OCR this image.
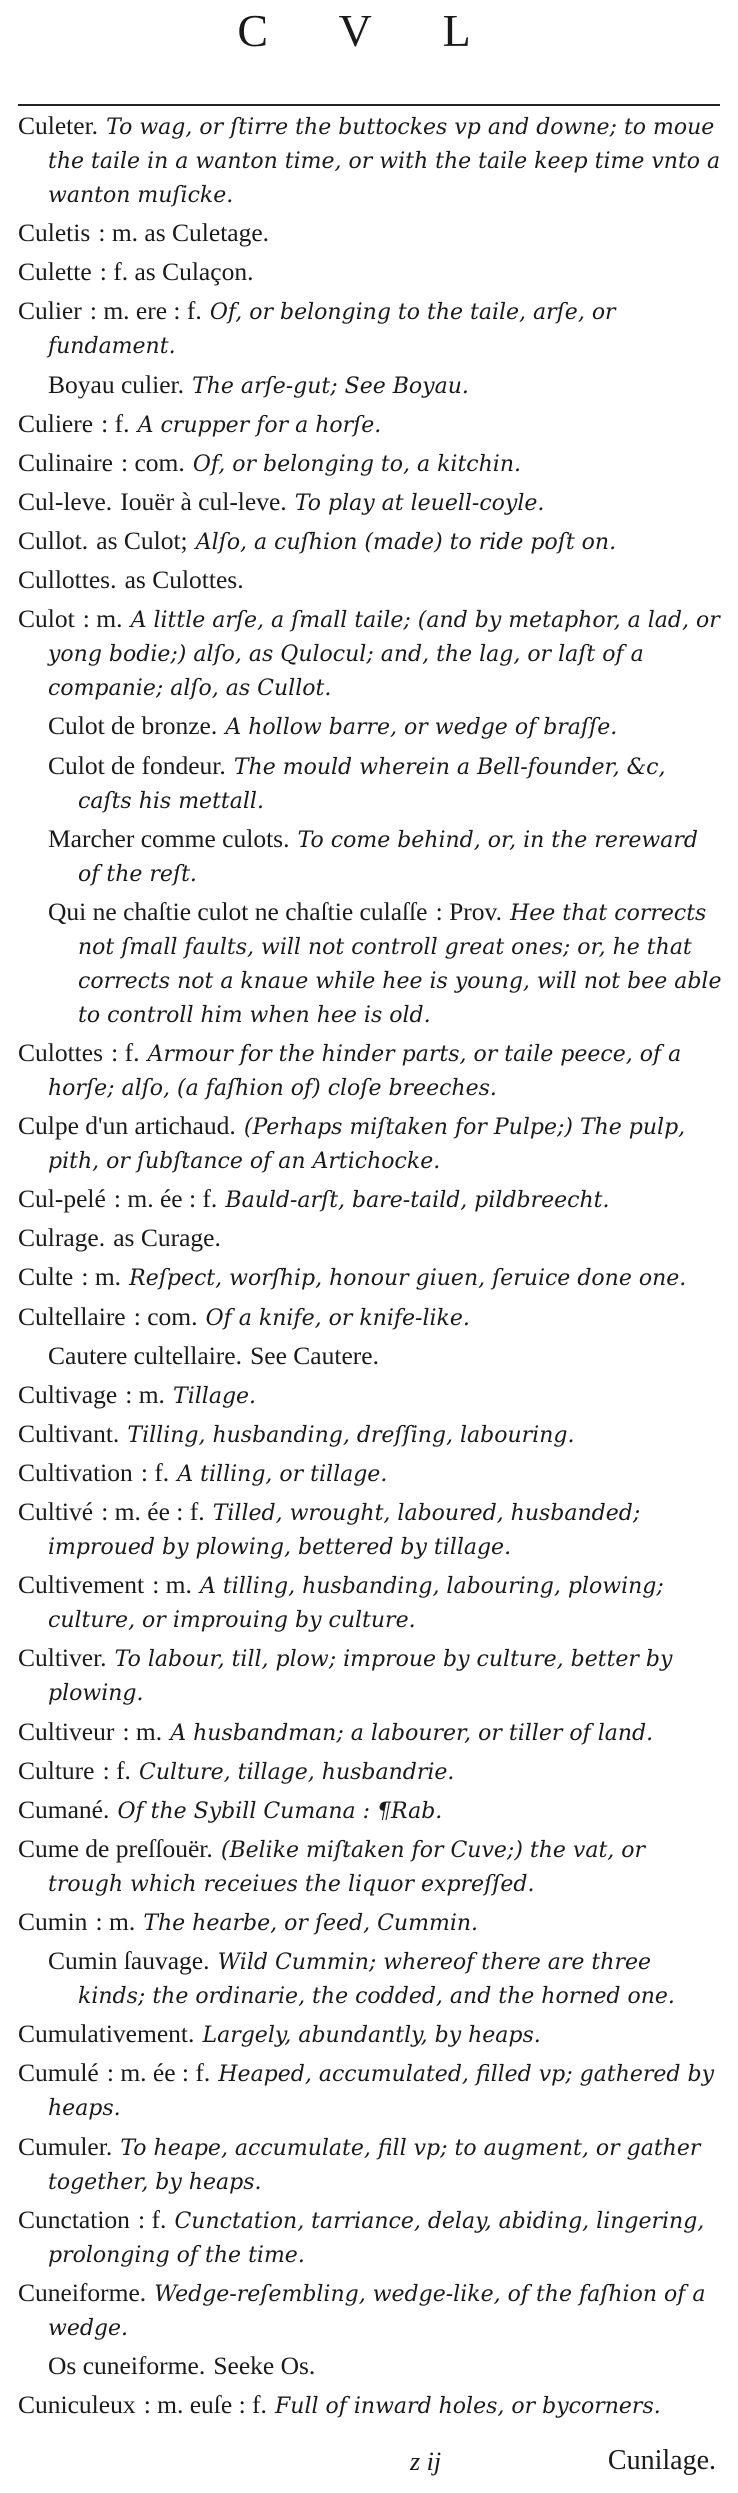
C V L
Culeter. To wag, or ſtirre the buttockes vp and downe; to moue the taile in a wanton time, or with the taile keep time vnto a wanton muſicke.
Culetis : m. as Culetage.
Culette : f. as Culaçon.
Culier : m. ere : f. Of, or belonging to the taile, arſe, or fundament.
Boyau culier. The arſe-gut; See Boyau.
Culiere : f. A crupper for a horſe.
Culinaire : com. Of, or belonging to, a kitchin.
Cul-leve. Iouër à cul-leve. To play at leuell-coyle.
Cullot. as Culot; Alſo, a cuſhion (made) to ride poſt on.
Cullottes. as Culottes.
Culot : m. A little arſe, a ſmall taile; (and by metaphor, a lad, or yong bodie;) alſo, as Qulocul; and, the lag, or laſt of a companie; alſo, as Cullot.
Culot de bronze. A hollow barre, or wedge of braſſe.
Culot de fondeur. The mould wherein a Bell-founder, &c, caſts his mettall.
Marcher comme culots. To come behind, or, in the rereward of the reſt.
Qui ne chaſtie culot ne chaſtie culaſſe : Prov. Hee that corrects not ſmall faults, will not controll great ones; or, he that corrects not a knaue while hee is young, will not bee able to controll him when hee is old.
Culottes : f. Armour for the hinder parts, or taile peece, of a horſe; alſo, (a faſhion of) cloſe breeches.
Culpe d'un artichaud. (Perhaps miſtaken for Pulpe;) The pulp, pith, or ſubſtance of an Artichocke.
Cul-pelé : m. ée : f. Bauld-arſt, bare-taild, pildbreecht.
Culrage. as Curage.
Culte : m. Reſpect, worſhip, honour giuen, ſeruice done one.
Cultellaire : com. Of a knife, or knife-like.
Cautere cultellaire. See Cautere.
Cultivage : m. Tillage.
Cultivant. Tilling, husbanding, dreſſing, labouring.
Cultivation : f. A tilling, or tillage.
Cultivé : m. ée : f. Tilled, wrought, laboured, husbanded; improued by plowing, bettered by tillage.
Cultivement : m. A tilling, husbanding, labouring, plowing; culture, or improuing by culture.
Cultiver. To labour, till, plow; improue by culture, better by plowing.
Cultiveur : m. A husbandman; a labourer, or tiller of land.
Culture : f. Culture, tillage, husbandrie.
Cumané. Of the Sybill Cumana : ¶Rab.
Cume de preſſouër. (Belike miſtaken for Cuve;) the vat, or trough which receiues the liquor expreſſed.
Cumin : m. The hearbe, or ſeed, Cummin.
Cumin ſauvage. Wild Cummin; whereof there are three kinds; the ordinarie, the codded, and the horned one.
Cumulativement. Largely, abundantly, by heaps.
Cumulé : m. ée : f. Heaped, accumulated, filled vp; gathered by heaps.
Cumuler. To heape, accumulate, fill vp; to augment, or gather together, by heaps.
Cunctation : f. Cunctation, tarriance, delay, abiding, lingering, prolonging of the time.
Cuneiforme. Wedge-reſembling, wedge-like, of the faſhion of a wedge.
Os cuneiforme. Seeke Os.
Cuniculeux : m. euſe : f. Full of inward holes, or bycorners.
z ij	Cunilage.
